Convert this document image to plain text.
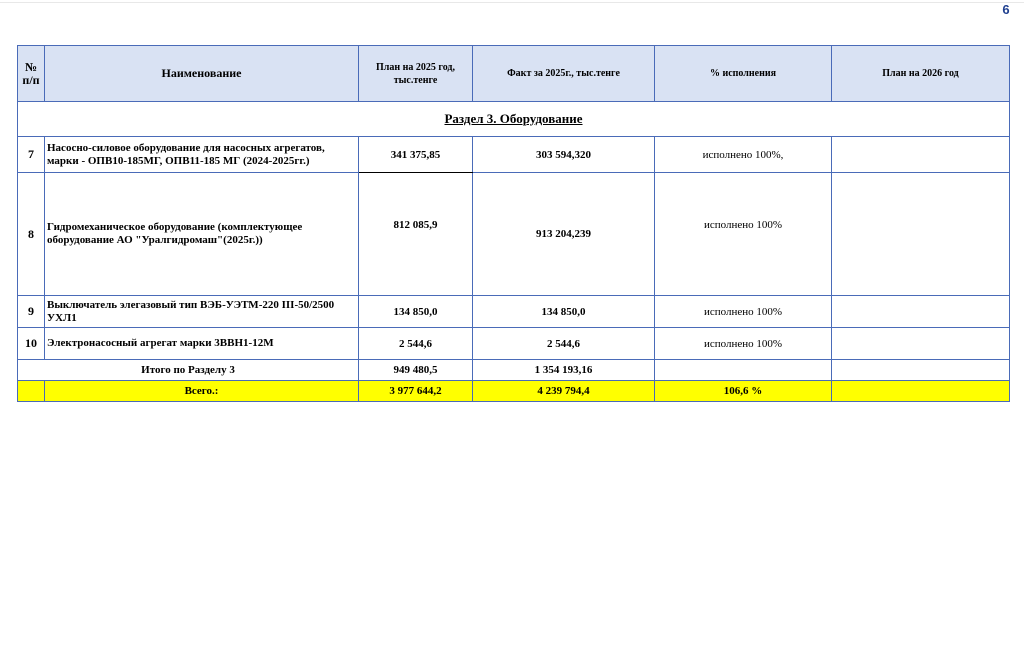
6
№ п/п	Наименование	План на 2025 год, тыс.тенге	Факт за 2025г., тыс.тенге	% исполнения	План на 2026 год
Раздел 3. Оборудование					
7	Насосно-силовое оборудование для насосных агрегатов, марки - ОПВ10-185МГ, ОПВ11-185 МГ (2024-2025гг.)	341 375,85	303 594,320	исполнено 100%,	
8	Гидромеханическое оборудование (комплектующее оборудование АО "Уралгидромаш"(2025г.))	812 085,9	913 204,239	исполнено 100%	
9	Выключатель элегазовый тип ВЭБ-УЭТМ-220 III-50/2500 УХЛ1	134 850,0	134 850,0	исполнено 100%	
10	Электронасосный агрегат марки 3ВВН1-12М	2 544,6	2 544,6	исполнено 100%	
Итого по Разделу 3		949 480,5	1 354 193,16		
	Всего.:	3 977 644,2	4 239 794,4	106,6 %	
